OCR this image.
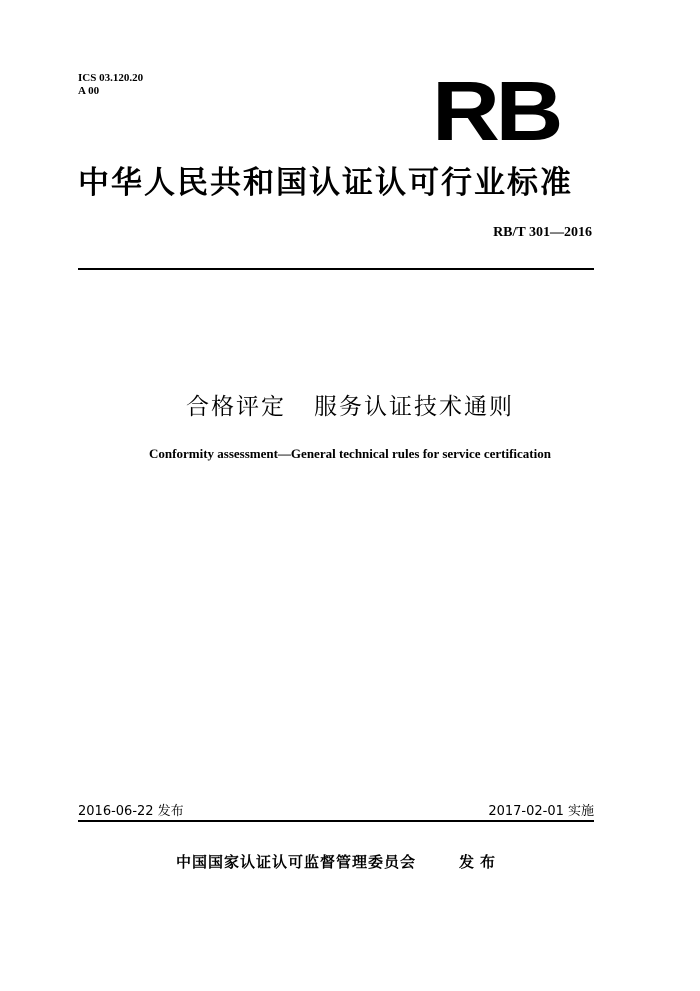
ICS 03.120.20
A 00	RB
中华人民共和国认证认可行业标准
RB/T 301—2016
合格评定   服务认证技术通则
Conformity assessment—General technical rules for service certification
2016-06-22 发布	2017-02-01 实施
中国国家认证认可监督管理委员会	发布
